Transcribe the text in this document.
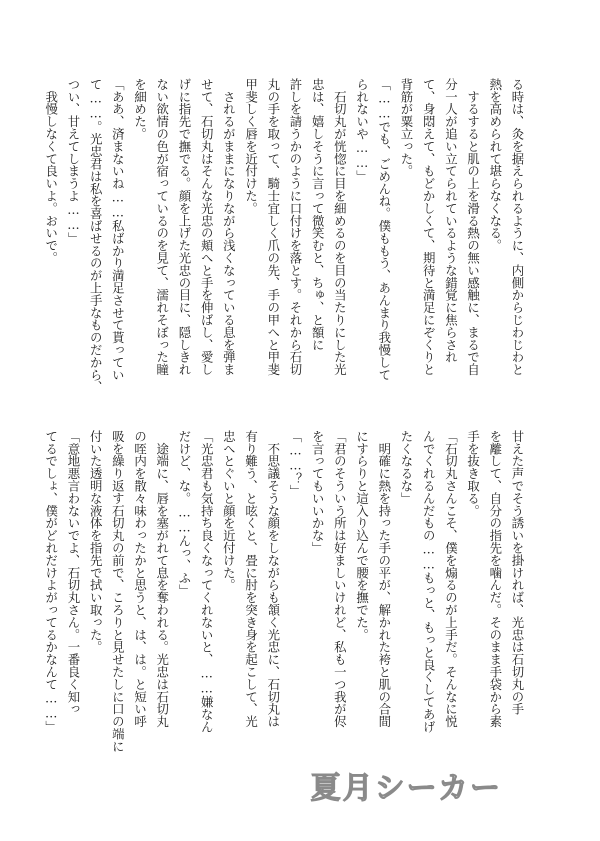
る時は、灸を据えられるように、内側からじわじわと
熱を高められて堪らなくなる。
　するすると肌の上を滑る熱の無い感触に、まるで自
分一人が追い立てられているような錯覚に焦らされ
て、身悶えて、もどかしくて、期待と満足にぞくりと
背筋が粟立った。
「……でも、ごめんね。僕ももう、あんまり我慢して
られないや……」
　石切丸が恍惚に目を細めるのを目の当たりにした光
忠は、嬉しそうに言って微笑むと、ちゅ、と額に
許しを請うかのように口付けを落とす。それから石切
丸の手を取って、騎士宜しく爪の先、手の甲へと甲斐
甲斐しく唇を近付けた。
　されるがままになりながら浅くなっている息を弾ま
せて、石切丸はそんな光忠の頬へと手を伸ばし、愛し
げに指先で撫でる。顔を上げた光忠の目に、隠しきれ
ない欲情の色が宿っているのを見て、濡れそぼった瞳
を細めた。
「ああ、済まないね……私ばかり満足させて貰ってい
て……。光忠君は私を喜ばせるのが上手なものだから、
つい、甘えてしまうよ……」
　我慢しなくて良いよ。おいで。
甘えた声でそう誘いを掛ければ、光忠は石切丸の手
を離して、自分の指先を噛んだ。そのまま手袋から素
手を抜き取る。
「石切丸さんこそ、僕を煽るのが上手だ。そんなに悦
んでくれるんだもの……もっと、もっと良くしてあげ
たくなるな」
　明確に熱を持った手の平が、解かれた袴と肌の合間
にすらりと這入り込んで腰を撫でた。
「君のそういう所は好ましいけれど、私も一つ我が侭
を言ってもいいかな」
「……？」
　不思議そうな顔をしながらも頷く光忠に、石切丸は
有り難う、と呟くと、畳に肘を突き身を起こして、光
忠へとぐいと顔を近付けた。
「光忠君も気持ち良くなってくれないと、……嫌なん
だけど、な。……んっ、ふ」
　途端に、唇を塞がれて息を奪われる。光忠は石切丸
の咥内を散々味わったかと思うと、は、は。と短い呼
吸を繰り返す石切丸の前で、ころりと見せたしに口の端に
付いた透明な液体を指先で拭い取った。
「意地悪言わないでよ、石切丸さん。一番良く知っ
てるでしょ、僕がどれだけよがってるかなんて……」
夏月シーカー
